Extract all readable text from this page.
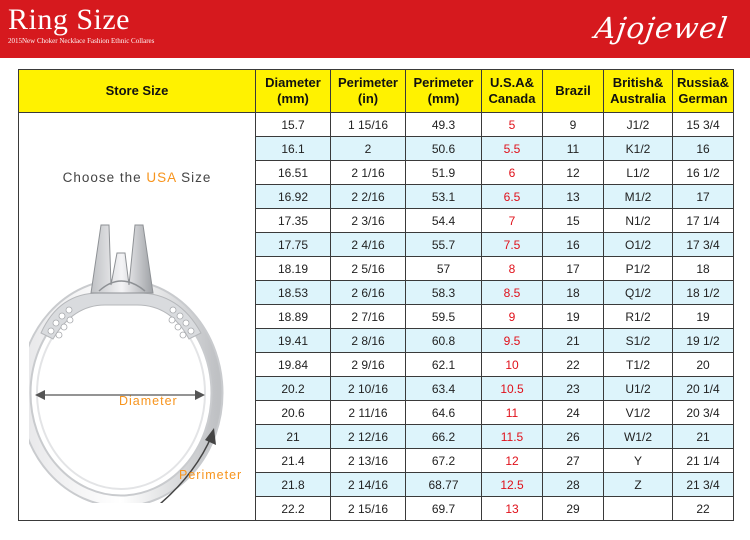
Ring Size
2015New Choker Necklace Fashion Ethnic Collares	Ajojewel
Store Size	Diameter (mm)	Perimeter (in)	Perimeter (mm)	U.S.A& Canada	Brazil	British& Australia	Russia& German

Choose the USA Size
Diameter
Perimeter	15.7	1 15/16	49.3	5	9	J1/2	15 3/4
	16.1	2	50.6	5.5	11	K1/2	16
	16.51	2 1/16	51.9	6	12	L1/2	16 1/2
	16.92	2 2/16	53.1	6.5	13	M1/2	17
	17.35	2 3/16	54.4	7	15	N1/2	17 1/4
	17.75	2 4/16	55.7	7.5	16	O1/2	17 3/4
	18.19	2 5/16	57	8	17	P1/2	18
	18.53	2 6/16	58.3	8.5	18	Q1/2	18 1/2
	18.89	2 7/16	59.5	9	19	R1/2	19
	19.41	2 8/16	60.8	9.5	21	S1/2	19 1/2
	19.84	2 9/16	62.1	10	22	T1/2	20
	20.2	2 10/16	63.4	10.5	23	U1/2	20 1/4
	20.6	2 11/16	64.6	11	24	V1/2	20 3/4
	21	2 12/16	66.2	11.5	26	W1/2	21
	21.4	2 13/16	67.2	12	27	Y	21 1/4
	21.8	2 14/16	68.77	12.5	28	Z	21 3/4
	22.2	2 15/16	69.7	13	29		22
